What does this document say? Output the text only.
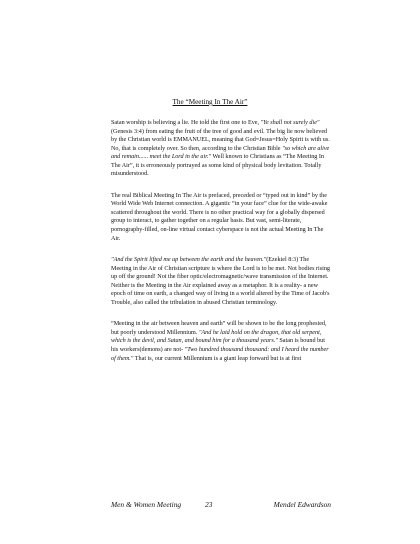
The “Meeting In The Air”

Satan worship is believing a lie. He told the first one to Eve, "Ye shall not surely die"(Genesis 3:4) from eating the fruit of the tree of good and evil. The big lie now believed by the Christian world is EMMANUEL, meaning that God=Jesus=Holy Spirit is with us. No, that is completely over. So then, according to the Christian Bible "so which are alive and remain...... meet the Lord in the air." Well known to Christians as “The Meeting In The Air”, it is erroneously portrayed as some kind of physical body levitation. Totally misunderstood.

The real Biblical Meeting In The Air is prefaced, preceded or “typed out in kind” by the World Wide Web Internet connection. A gigantic “in your face” clue for the wide-awake scattered throughout the world. There is no other practical way for a globally dispersed group to interact, to gather together on a regular basis. But vast, semi-literate, pornography-filled, on-line virtual contact cyberspace is not the actual Meeting In The Air.

"And the Spirit lifted me up between the earth and the heaven."(Ezekiel 8:3) The Meeting in the Air of Christian scripture is where the Lord is to be met. Not bodies rising up off the ground! Not the fiber optic/electromagnetic/wave transmission of the Internet. Neither is the Meeting in the Air explained away as a metaphor. It is a reality- a new epoch of time on earth, a changed way of living in a world altered by the Time of Jacob's Trouble, also called the tribulation in abused Christian terminology.

“Meeting in the air between heaven and earth” will be shown to be the long prophesied, but poorly understood Millennium. "And he laid hold on the dragon, that old serpent, which is the devil, and Satan, and bound him for a thousand years." Satan is bound but his workers(demons) are not- "Two hundred thousand thousand: and I heard the number of them." That is, our current Millennium is a giant leap forward but is at first

Men & Women Meeting	23	Mendel Edwardson
